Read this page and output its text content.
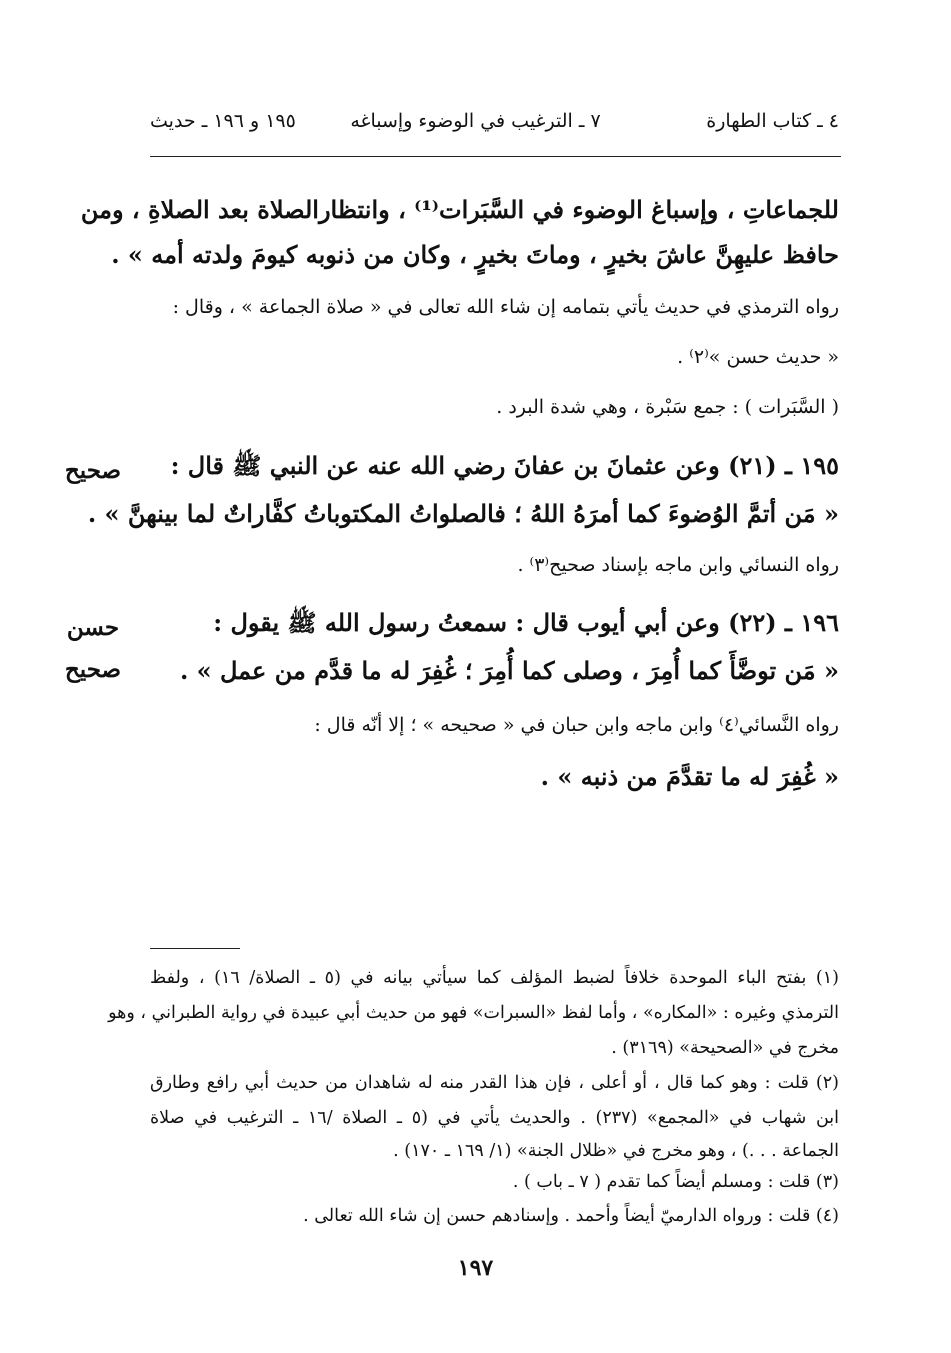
٤ ـ كتاب الطهارة
٧ ـ الترغيب في الوضوء وإسباغه
١٩٥ و ١٩٦ ـ حديث
للجماعاتِ ، وإسباغ الوضوء في السَّبَرات⁽¹⁾ ، وانتظارالصلاة بعد الصلاةِ ، ومن
حافظ عليهِنَّ عاشَ بخيرٍ ، وماتَ بخيرٍ ، وكان من ذنوبه كيومَ ولدته أمه » .
رواه الترمذي في حديث يأتي بتمامه إن شاء الله تعالى في « صلاة الجماعة » ، وقال :
« حديث حسن »⁽٢⁾ .
( السَّبَرات ) : جمع سَبْرة ، وهي شدة البرد .
١٩٥ ـ (٢١) وعن عثمانَ بن عفانَ رضي الله عنه عن النبي ﷺ قال :
« مَن أتمَّ الوُضوءَ كما أمرَهُ اللهُ ؛ فالصلواتُ المكتوباتُ كفَّاراتٌ لما بينهنَّ » .
رواه النسائي وابن ماجه بإسناد صحيح⁽٣⁾ .
١٩٦ ـ (٢٢) وعن أبي أيوب قال : سمعتُ رسول الله ﷺ يقول :
« مَن توضَّأَ كما أُمِرَ ، وصلى كما أُمِرَ ؛ غُفِرَ له ما قدَّم من عمل » .
رواه النَّسائي⁽٤⁾ وابن ماجه وابن حبان في « صحيحه » ؛ إلا أنّه قال :
« غُفِرَ له ما تقدَّمَ من ذنبه » .
صحيح
حسن
صحيح
(١) بفتح الباء الموحدة خلافاً لضبط المؤلف كما سيأتي بيانه في (٥ ـ الصلاة/ ١٦) ، ولفظ
الترمذي وغيره : «المكاره» ، وأما لفظ «السبرات» فهو من حديث أبي عبيدة في رواية الطبراني ، وهو
مخرج في «الصحيحة» (٣١٦٩) .
(٢) قلت : وهو كما قال ، أو أعلى ، فإن هذا القدر منه له شاهدان من حديث أبي رافع وطارق
ابن شهاب في «المجمع» (٢٣٧) . والحديث يأتي في (٥ ـ الصلاة /١٦ ـ الترغيب في صلاة
الجماعة . . .) ، وهو مخرج في «ظلال الجنة» (١/ ١٦٩ ـ ١٧٠) .
(٣) قلت : ومسلم أيضاً كما تقدم ( ٧ ـ باب ) .
(٤) قلت : ورواه الدارميّ أيضاً وأحمد . وإسنادهم حسن إن شاء الله تعالى .
١٩٧
